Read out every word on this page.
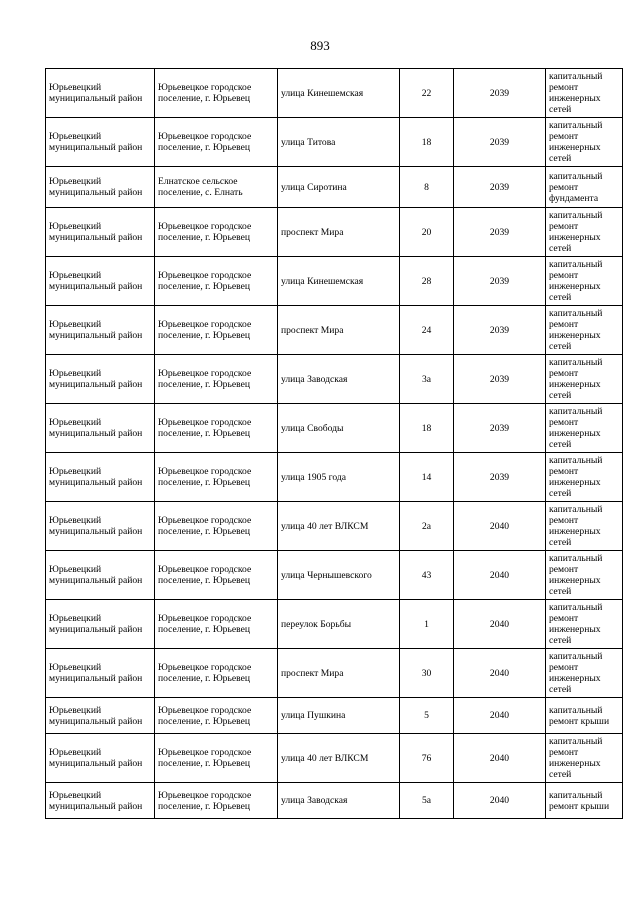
893
Юрьевецкий муниципальный район	Юрьевецкое городское поселение, г. Юрьевец	улица Кинешемская	22	2039	капитальный ремонт инженерных сетей
Юрьевецкий муниципальный район	Юрьевецкое городское поселение, г. Юрьевец	улица Титова	18	2039	капитальный ремонт инженерных сетей
Юрьевецкий муниципальный район	Елнатское сельское поселение, с. Елнать	улица Сиротина	8	2039	капитальный ремонт фундамента
Юрьевецкий муниципальный район	Юрьевецкое городское поселение, г. Юрьевец	проспект Мира	20	2039	капитальный ремонт инженерных сетей
Юрьевецкий муниципальный район	Юрьевецкое городское поселение, г. Юрьевец	улица Кинешемская	28	2039	капитальный ремонт инженерных сетей
Юрьевецкий муниципальный район	Юрьевецкое городское поселение, г. Юрьевец	проспект Мира	24	2039	капитальный ремонт инженерных сетей
Юрьевецкий муниципальный район	Юрьевецкое городское поселение, г. Юрьевец	улица Заводская	3а	2039	капитальный ремонт инженерных сетей
Юрьевецкий муниципальный район	Юрьевецкое городское поселение, г. Юрьевец	улица Свободы	18	2039	капитальный ремонт инженерных сетей
Юрьевецкий муниципальный район	Юрьевецкое городское поселение, г. Юрьевец	улица 1905 года	14	2039	капитальный ремонт инженерных сетей
Юрьевецкий муниципальный район	Юрьевецкое городское поселение, г. Юрьевец	улица 40 лет ВЛКСМ	2а	2040	капитальный ремонт инженерных сетей
Юрьевецкий муниципальный район	Юрьевецкое городское поселение, г. Юрьевец	улица Чернышевского	43	2040	капитальный ремонт инженерных сетей
Юрьевецкий муниципальный район	Юрьевецкое городское поселение, г. Юрьевец	переулок Борьбы	1	2040	капитальный ремонт инженерных сетей
Юрьевецкий муниципальный район	Юрьевецкое городское поселение, г. Юрьевец	проспект Мира	30	2040	капитальный ремонт инженерных сетей
Юрьевецкий муниципальный район	Юрьевецкое городское поселение, г. Юрьевец	улица Пушкина	5	2040	капитальный ремонт крыши
Юрьевецкий муниципальный район	Юрьевецкое городское поселение, г. Юрьевец	улица 40 лет ВЛКСМ	76	2040	капитальный ремонт инженерных сетей
Юрьевецкий муниципальный район	Юрьевецкое городское поселение, г. Юрьевец	улица Заводская	5а	2040	капитальный ремонт крыши
